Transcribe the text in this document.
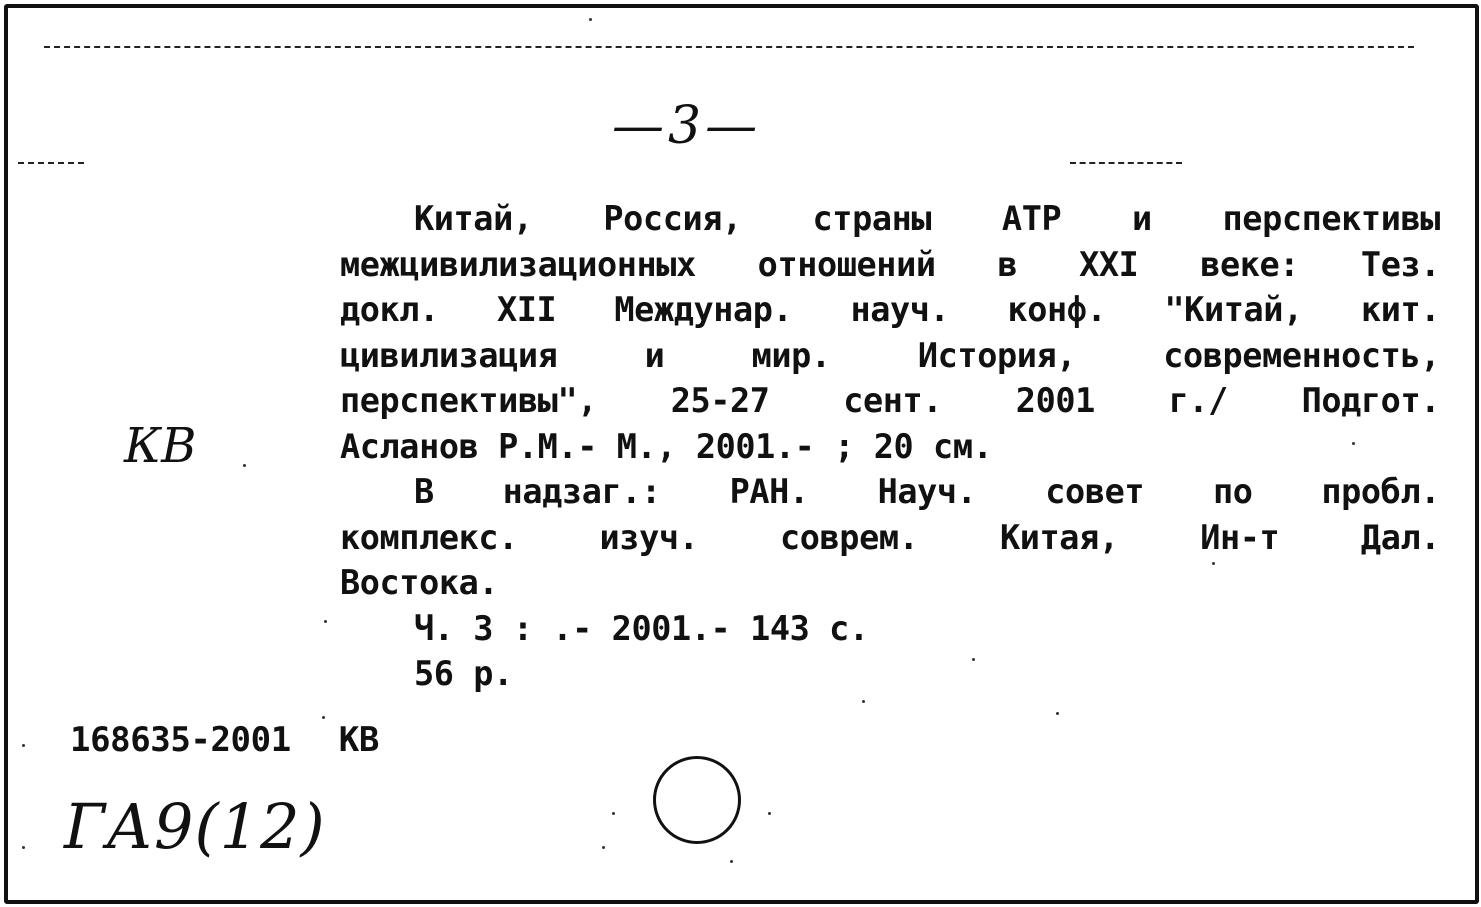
—3—
КВ
Китай, Россия, страны АТР и перспективы
межцивилизационных отношений в XXI веке: Тез.
докл. XII Междунар. науч. конф. "Китай, кит.
цивилизация и мир. История, современность,
перспективы", 25-27 сент. 2001 г./ Подгот.
Асланов Р.М.- М., 2001.- ; 20 см.
В надзаг.: РАН. Науч. совет по пробл.
комплекс. изуч. соврем. Китая, Ин-т Дал.
Востока.
Ч. 3 : .- 2001.- 143 с.
56 р.
168635-2001 КВ
ГА9(12)
